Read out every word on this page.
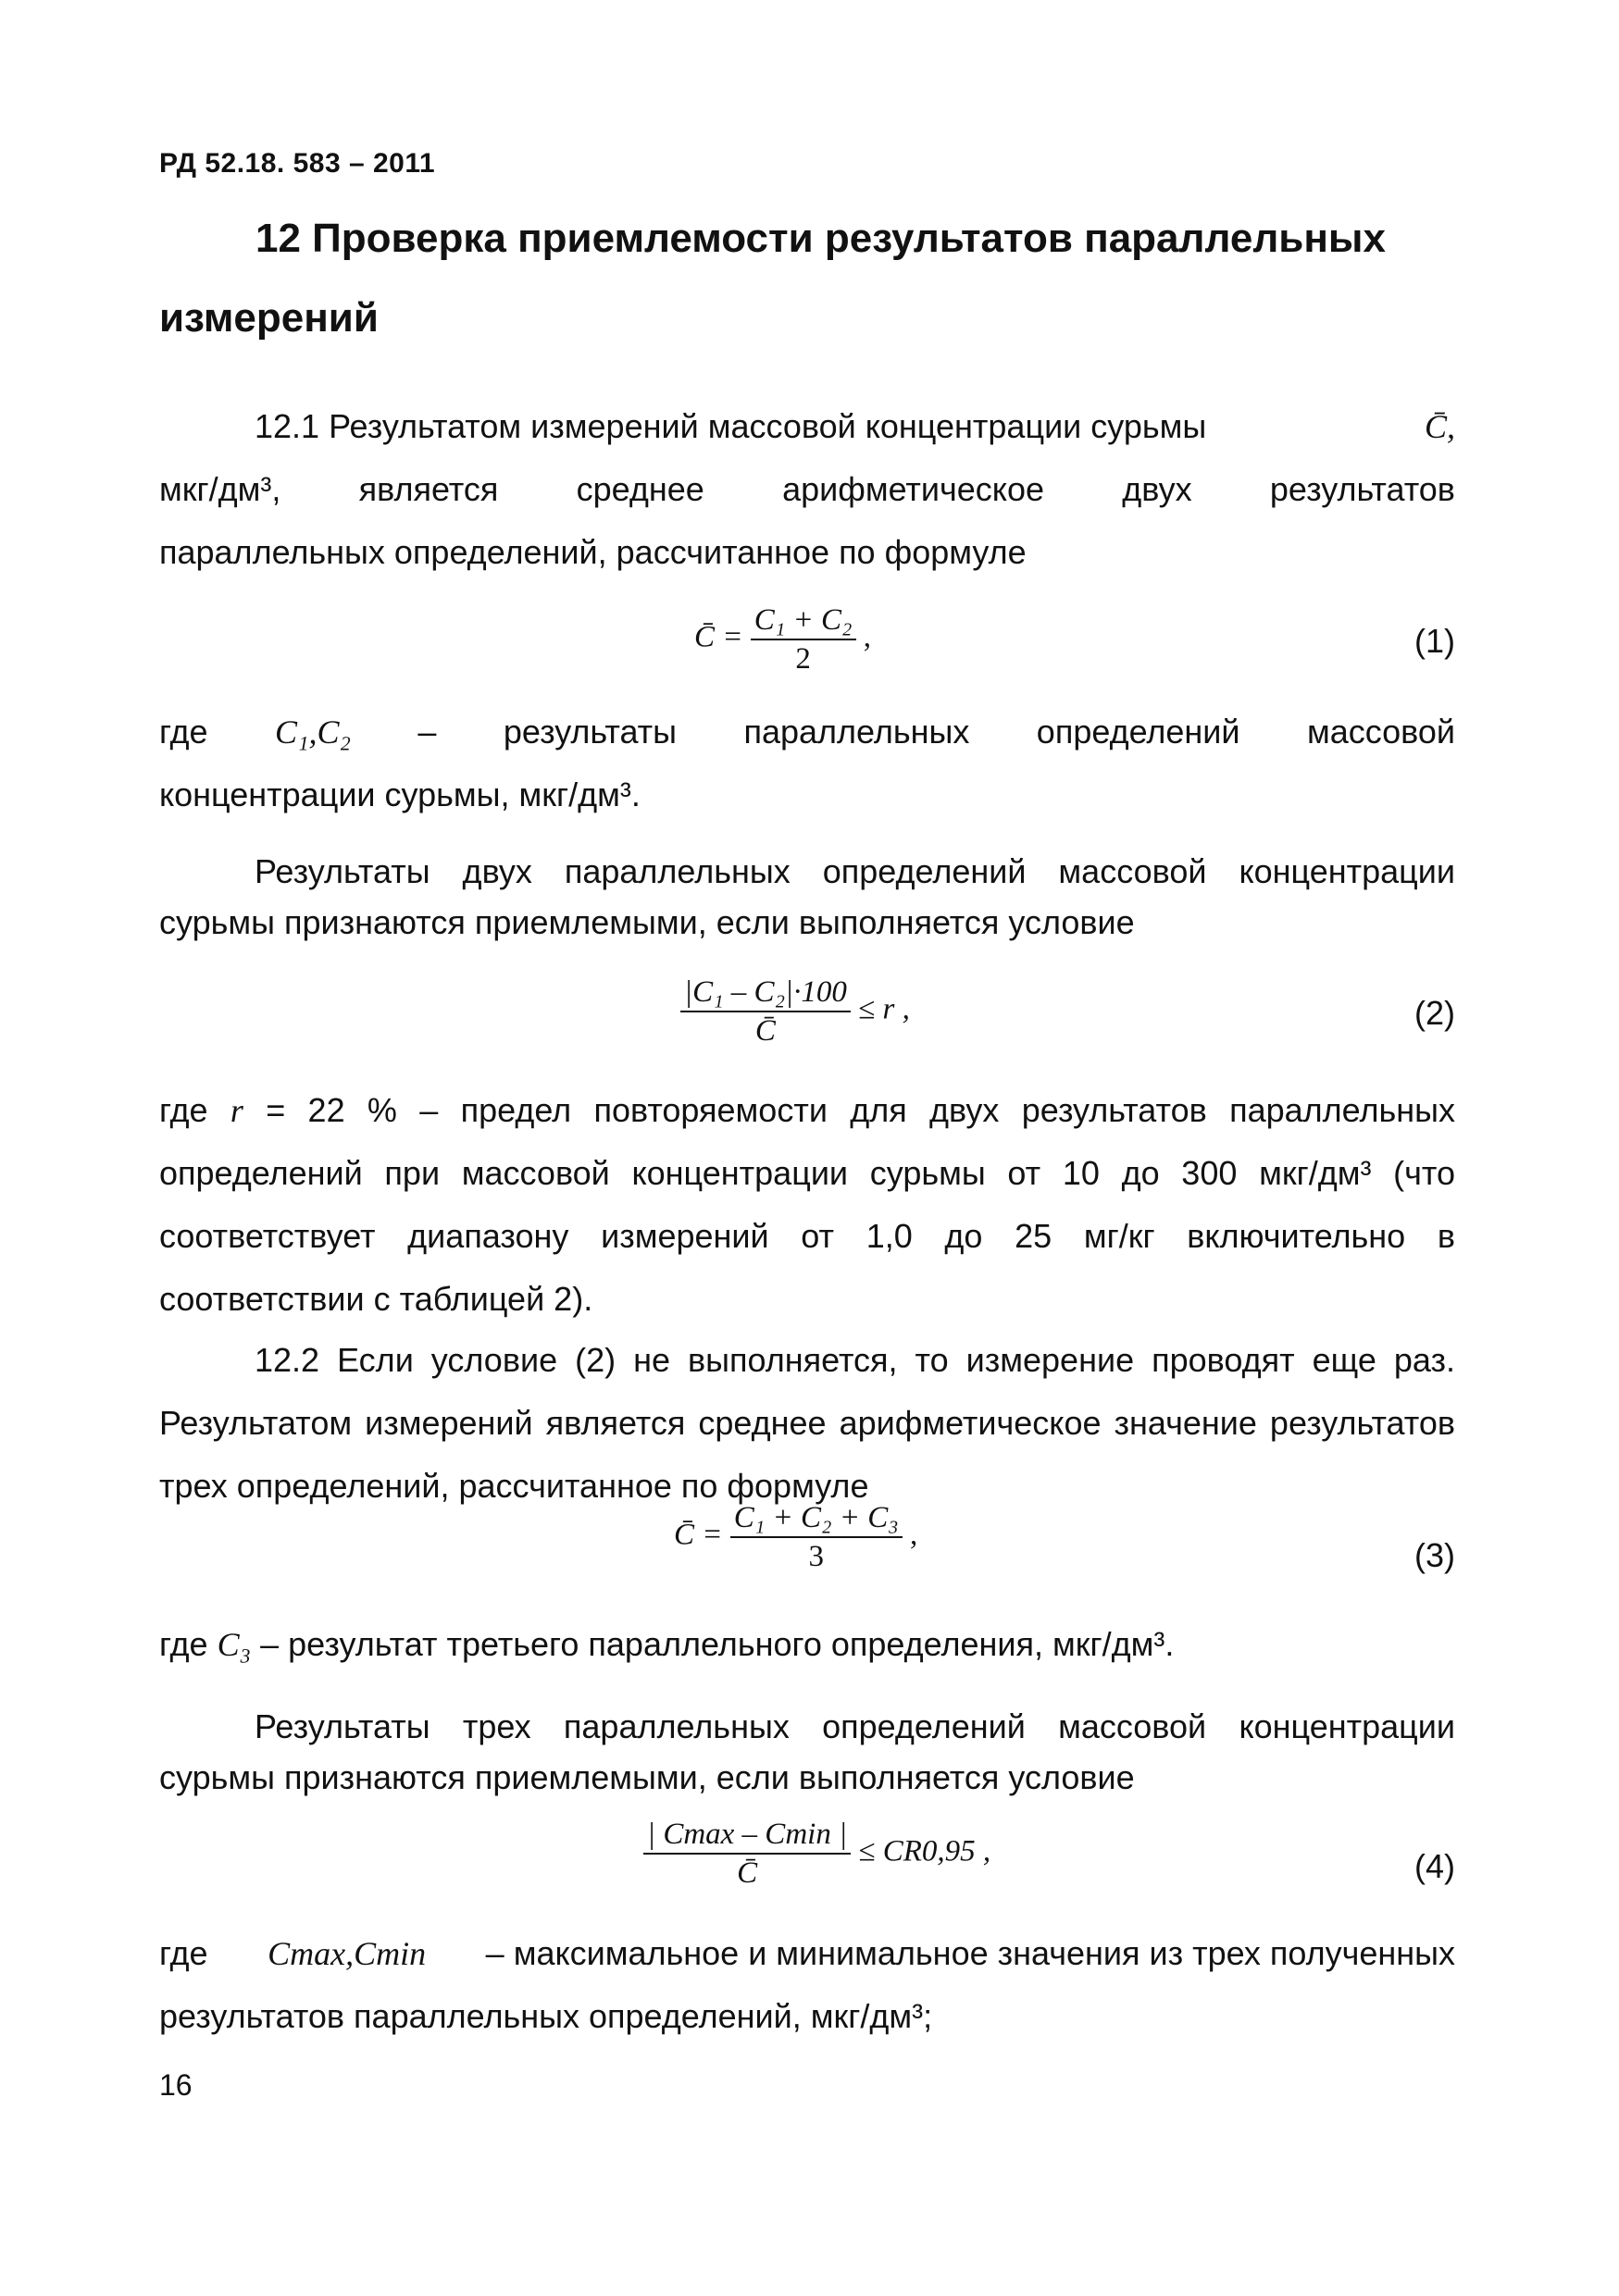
РД 52.18. 583 – 2011
12 Проверка приемлемости результатов параллельных
измерений
12.1 Результатом измерений массовой концентрации сурьмы	C̄,
мкг/дм³, является среднее арифметическое двух результатов
параллельных определений, рассчитанное по формуле
C̄ = $\frac{\text{C₁ + C₂}}{2}$ ,	(1)
где C₁,C₂ – результаты параллельных определений массовой
концентрации сурьмы, мкг/дм³.
Результаты двух параллельных определений массовой концентрации
сурьмы признаются приемлемыми, если выполняется условие
$\frac{\text{|C₁ – C₂|·100}}{C̄} \le r$ ,	(2)
где r = 22 % – предел повторяемости для двух результатов параллельных определений при массовой концентрации сурьмы от 10 до 300 мкг/дм³ (что соответствует диапазону измерений от 1,0 до 25 мг/кг включительно в соответствии с таблицей 2).
12.2 Если условие (2) не выполняется, то измерение проводят еще раз. Результатом измерений является среднее арифметическое значение результатов трех определений, рассчитанное по формуле
C̄ = $\frac{\text{C₁ + C₂ + C₃}}{3}$ ,
(3)
где C₃ – результат третьего параллельного определения, мкг/дм³.
Результаты трех параллельных определений массовой концентрации
сурьмы признаются приемлемыми, если выполняется условие
$\frac{| Cmax - Cmin |}{C̄} \le CR0,95$ ,	(4)
где Cmax,Cmin – максимальное и минимальное значения из трех полученных
результатов параллельных определений, мкг/дм³;
16
